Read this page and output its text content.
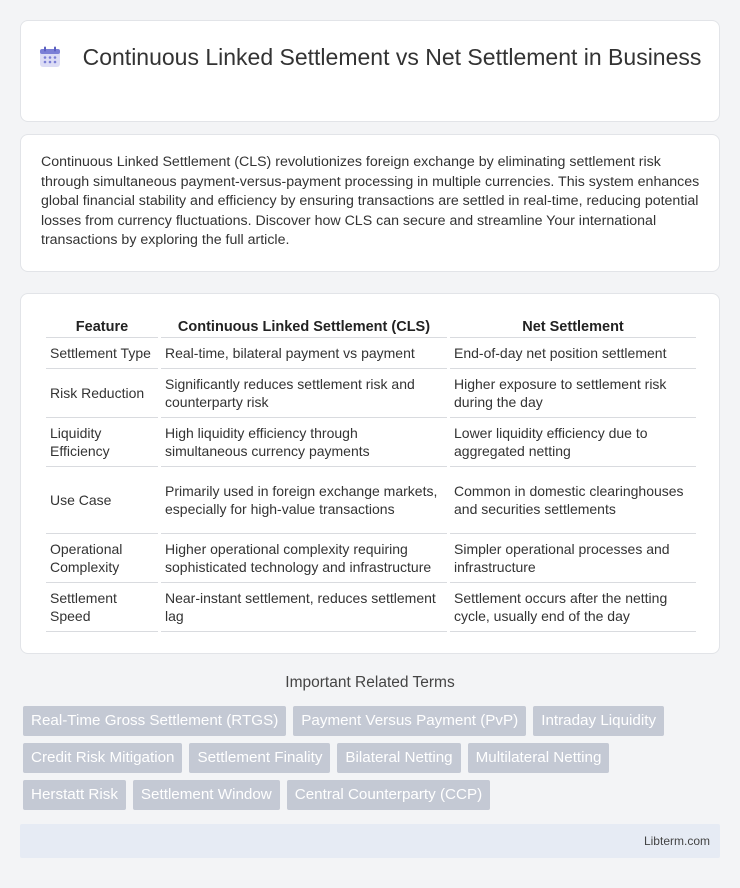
Continuous Linked Settlement vs Net Settlement in Business

Continuous Linked Settlement (CLS) revolutionizes foreign exchange by eliminating settlement risk through simultaneous payment-versus-payment processing in multiple currencies. This system enhances global financial stability and efficiency by ensuring transactions are settled in real-time, reducing potential losses from currency fluctuations. Discover how CLS can secure and streamline Your international transactions by exploring the full article.

Feature	Continuous Linked Settlement (CLS)	Net Settlement
Settlement Type	Real-time, bilateral payment vs payment	End-of-day net position settlement
Risk Reduction	Significantly reduces settlement risk and counterparty risk	Higher exposure to settlement risk during the day
Liquidity Efficiency	High liquidity efficiency through simultaneous currency payments	Lower liquidity efficiency due to aggregated netting
Use Case	Primarily used in foreign exchange markets, especially for high-value transactions	Common in domestic clearinghouses and securities settlements
Operational Complexity	Higher operational complexity requiring sophisticated technology and infrastructure	Simpler operational processes and infrastructure
Settlement Speed	Near-instant settlement, reduces settlement lag	Settlement occurs after the netting cycle, usually end of the day
Important Related Terms
Real-Time Gross Settlement (RTGS)	Payment Versus Payment (PvP)	Intraday Liquidity
Credit Risk Mitigation	Settlement Finality	Bilateral Netting	Multilateral Netting
Herstatt Risk	Settlement Window	Central Counterparty (CCP)
Libterm.com
